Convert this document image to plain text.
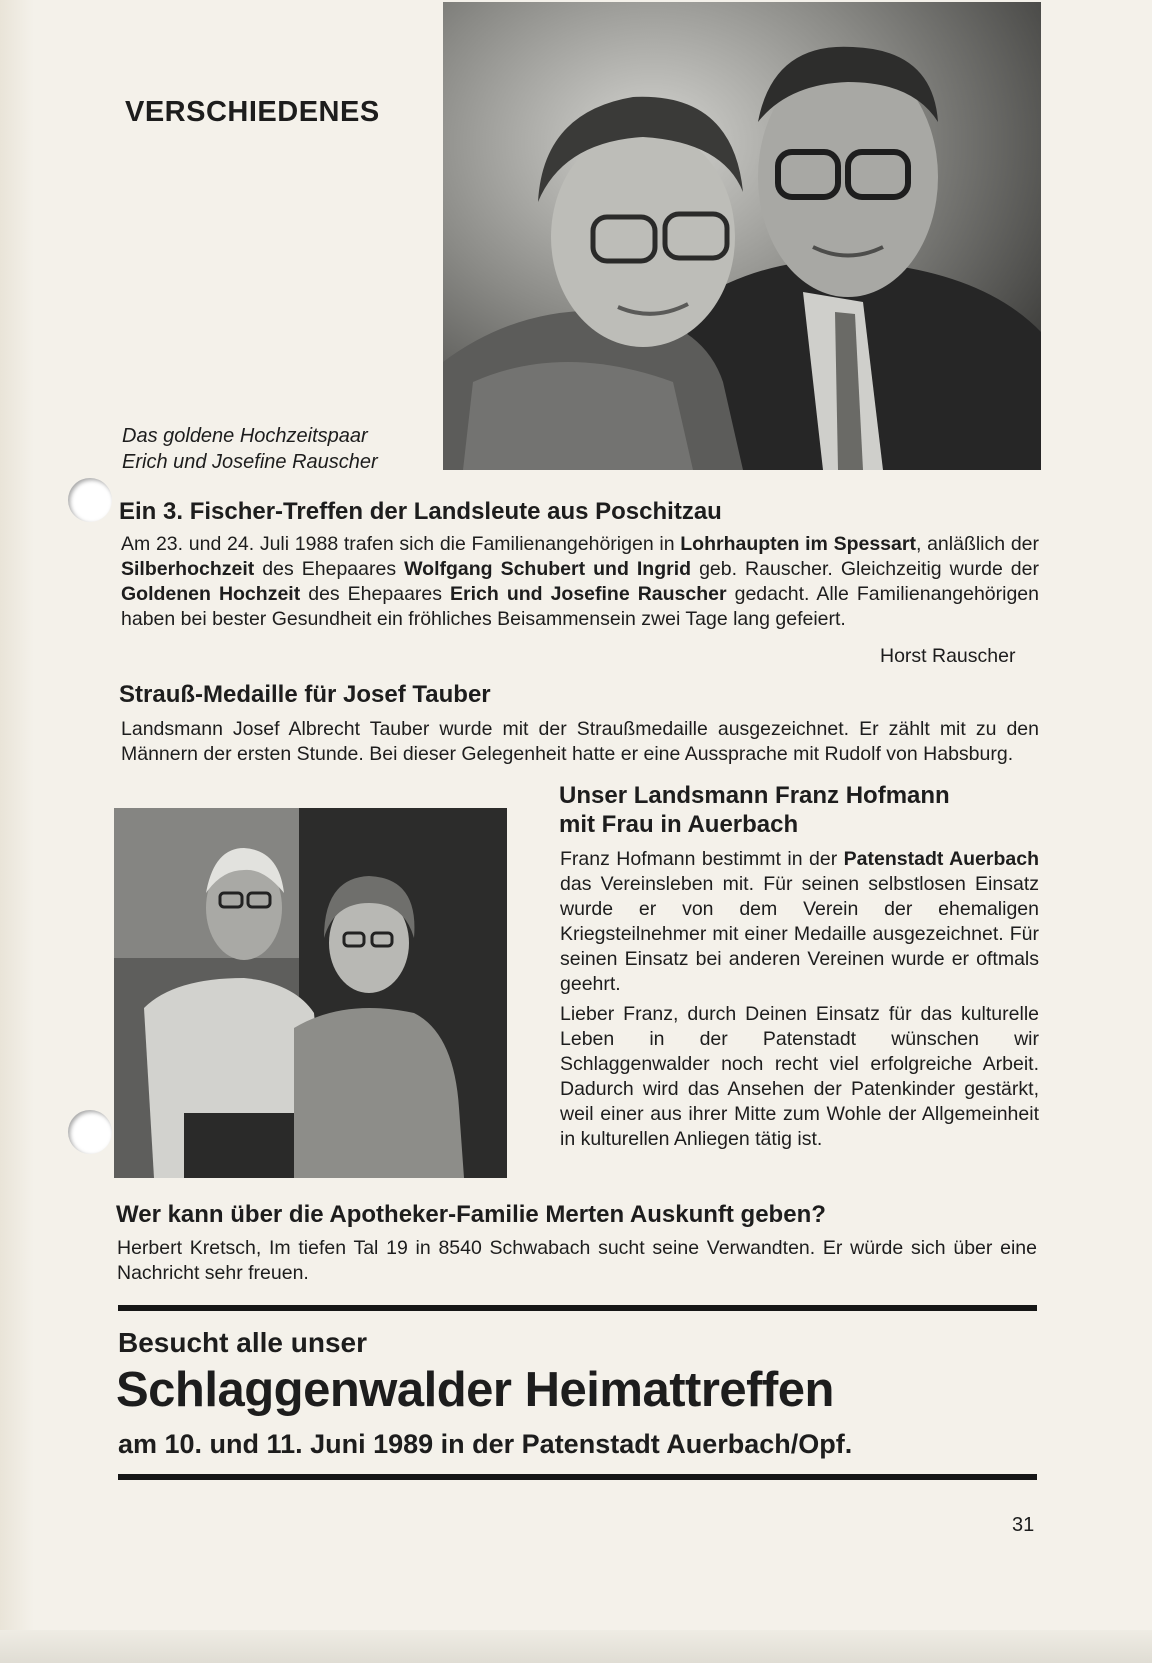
VERSCHIEDENES
Das goldene Hochzeitspaar
Erich und Josefine Rauscher
Ein 3. Fischer-Treffen der Landsleute aus Poschitzau
Am 23. und 24. Juli 1988 trafen sich die Familienangehörigen in Lohrhaupten im Spessart, anläßlich der Silberhochzeit des Ehepaares Wolfgang Schubert und Ingrid geb. Rauscher. Gleichzeitig wurde der Goldenen Hochzeit des Ehepaares Erich und Josefine Rauscher gedacht. Alle Familienangehörigen haben bei bester Gesundheit ein fröhliches Beisammensein zwei Tage lang gefeiert.
Horst Rauscher
Strauß-Medaille für Josef Tauber
Landsmann Josef Albrecht Tauber wurde mit der Straußmedaille ausgezeichnet. Er zählt mit zu den Männern der ersten Stunde. Bei dieser Gelegenheit hatte er eine Aussprache mit Rudolf von Habsburg.
Unser Landsmann Franz Hofmann
mit Frau in Auerbach
Franz Hofmann bestimmt in der Patenstadt Auerbach das Vereinsleben mit. Für seinen selbstlosen Einsatz wurde er von dem Verein der ehemaligen Kriegsteilnehmer mit einer Medaille ausgezeichnet. Für seinen Einsatz bei anderen Vereinen wurde er oftmals geehrt.
Lieber Franz, durch Deinen Einsatz für das kulturelle Leben in der Patenstadt wünschen wir Schlaggenwalder noch recht viel erfolgreiche Arbeit. Dadurch wird das Ansehen der Patenkinder gestärkt, weil einer aus ihrer Mitte zum Wohle der Allgemeinheit in kulturellen Anliegen tätig ist.
Wer kann über die Apotheker-Familie Merten Auskunft geben?
Herbert Kretsch, Im tiefen Tal 19 in 8540 Schwabach sucht seine Verwandten. Er würde sich über eine Nachricht sehr freuen.
Besucht alle unser
Schlaggenwalder Heimattreffen
am 10. und 11. Juni 1989 in der Patenstadt Auerbach/Opf.
31
